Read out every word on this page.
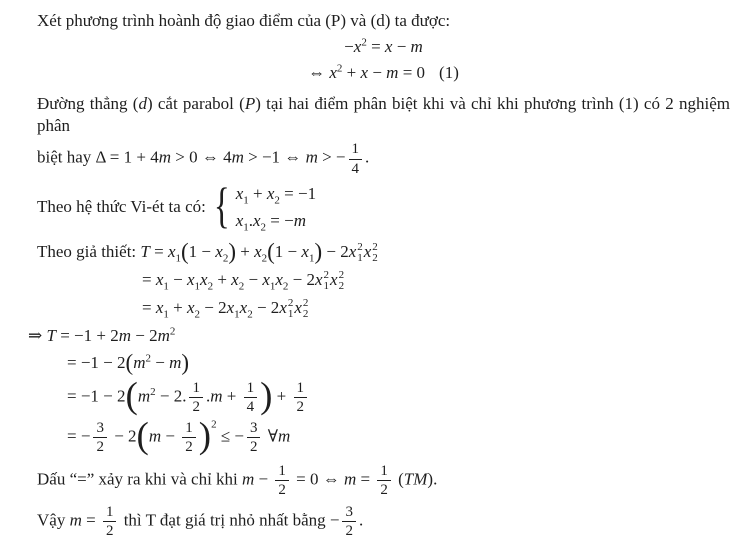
Xét phương trình hoành độ giao điểm của (P) và (d) ta được:
$-x^2 = x - m$
⇔ $x^2 + x - m = 0$ (1)
Đường thẳng (d) cắt parabol (P) tại hai điểm phân biệt khi và chỉ khi phương trình (1) có 2 nghiệm phân
biệt hay Δ = 1 + 4m > 0 ⇔ 4m > −1 ⇔ m > − $\frac{1}{4}$ .
Theo hệ thức Vi-ét ta có: { $x_1 + x_2 = -1$
$x_1.x_2 = -m$
Theo giả thiết: $T = x_1(1 - x_2) + x_2(1 - x_1) - 2x$ 2
1 x 2
2
= $x_1 - x_1x_2 + x_2 - x_1x_2 - 2x$ 2
1 x 2
2
= $x_1 + x_2 - 2x_1x_2 - 2x$ 2
1 x 2
2
⇒ $T = -1 + 2m - 2m^2$
= $-1 - 2(m^2 - m)$
= $-1 - 2(m^2 - 2$. $\frac{1}{2} .m + \frac{1}{4}$ ) + $\frac{1}{2}$
= − $\frac{3}{2} - 2(m - \frac{1}{2} )^2$ ≤ − $\frac{3}{2}$ ∀m
Dấu “=” xảy ra khi và chỉ khi $m - \frac{1}{2} = 0$ ⇔ $m = \frac{1}{2} (TM)$.
Vậy $m = \frac{1}{2}$ thì T đạt giá trị nhỏ nhất bằng − $\frac{3}{2}$ .
